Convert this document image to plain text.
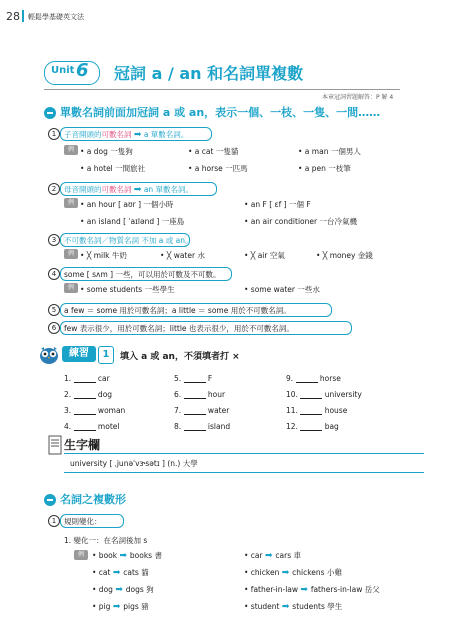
28 輕鬆學基礎英文法
Unit 6	冠詞 a / an 和名詞單複數
本章冠詞習題解答：P 解 4
單數名詞前面加冠詞 a 或 an，表示一個、一枝、一隻、一間……
1	子音開頭的可數名詞 ➡ a 單數名詞。
例 • a dog 一隻狗	• a cat 一隻貓	• a man 一個男人
• a hotel 一間旅社	• a horse 一匹馬	• a pen 一枝筆
2	母音開頭的可數名詞 ➡ an 單數名詞。
例 • an hour [ aʊr ] 一個小時	• an F [ ɛf ] 一個 F
• an island [ ˈaɪlənd ] 一座島	• an air conditioner 一台冷氣機
3	不可數名詞／物質名詞 不加 a 或 an。
例 • ╳ milk 牛奶	• ╳ water 水	• ╳ air 空氣	• ╳ money 金錢
4	some [ sʌm ] 一些，可以用於可數及不可數。
例 • some students 一些學生	• some water 一些水
5	a few ＝ some 用於可數名詞；a little ＝ some 用於不可數名詞。
6	few 表示很少，用於可數名詞；little 也表示很少，用於不可數名詞。
練習	1	填入 a 或 an，不須填者打 ×
1.	car	5.	F	9.	horse
2.	dog	6.	hour	10.	university
3.	woman	7.	water	11.	house
4.	motel	8.	island	12.	bag
生字欄
university [ ˌjunəˈvɝsətɪ ] (n.) 大學
名詞之複數形
1	規則變化：
1. 變化一：在名詞後加 s
例	• book ➡ books 書	• car ➡ cars 車
• cat ➡ cats 貓	• chicken ➡ chickens 小雞
• dog ➡ dogs 狗	• father-in-law ➡ fathers-in-law 岳父
• pig ➡ pigs 豬	• student ➡ students 學生
